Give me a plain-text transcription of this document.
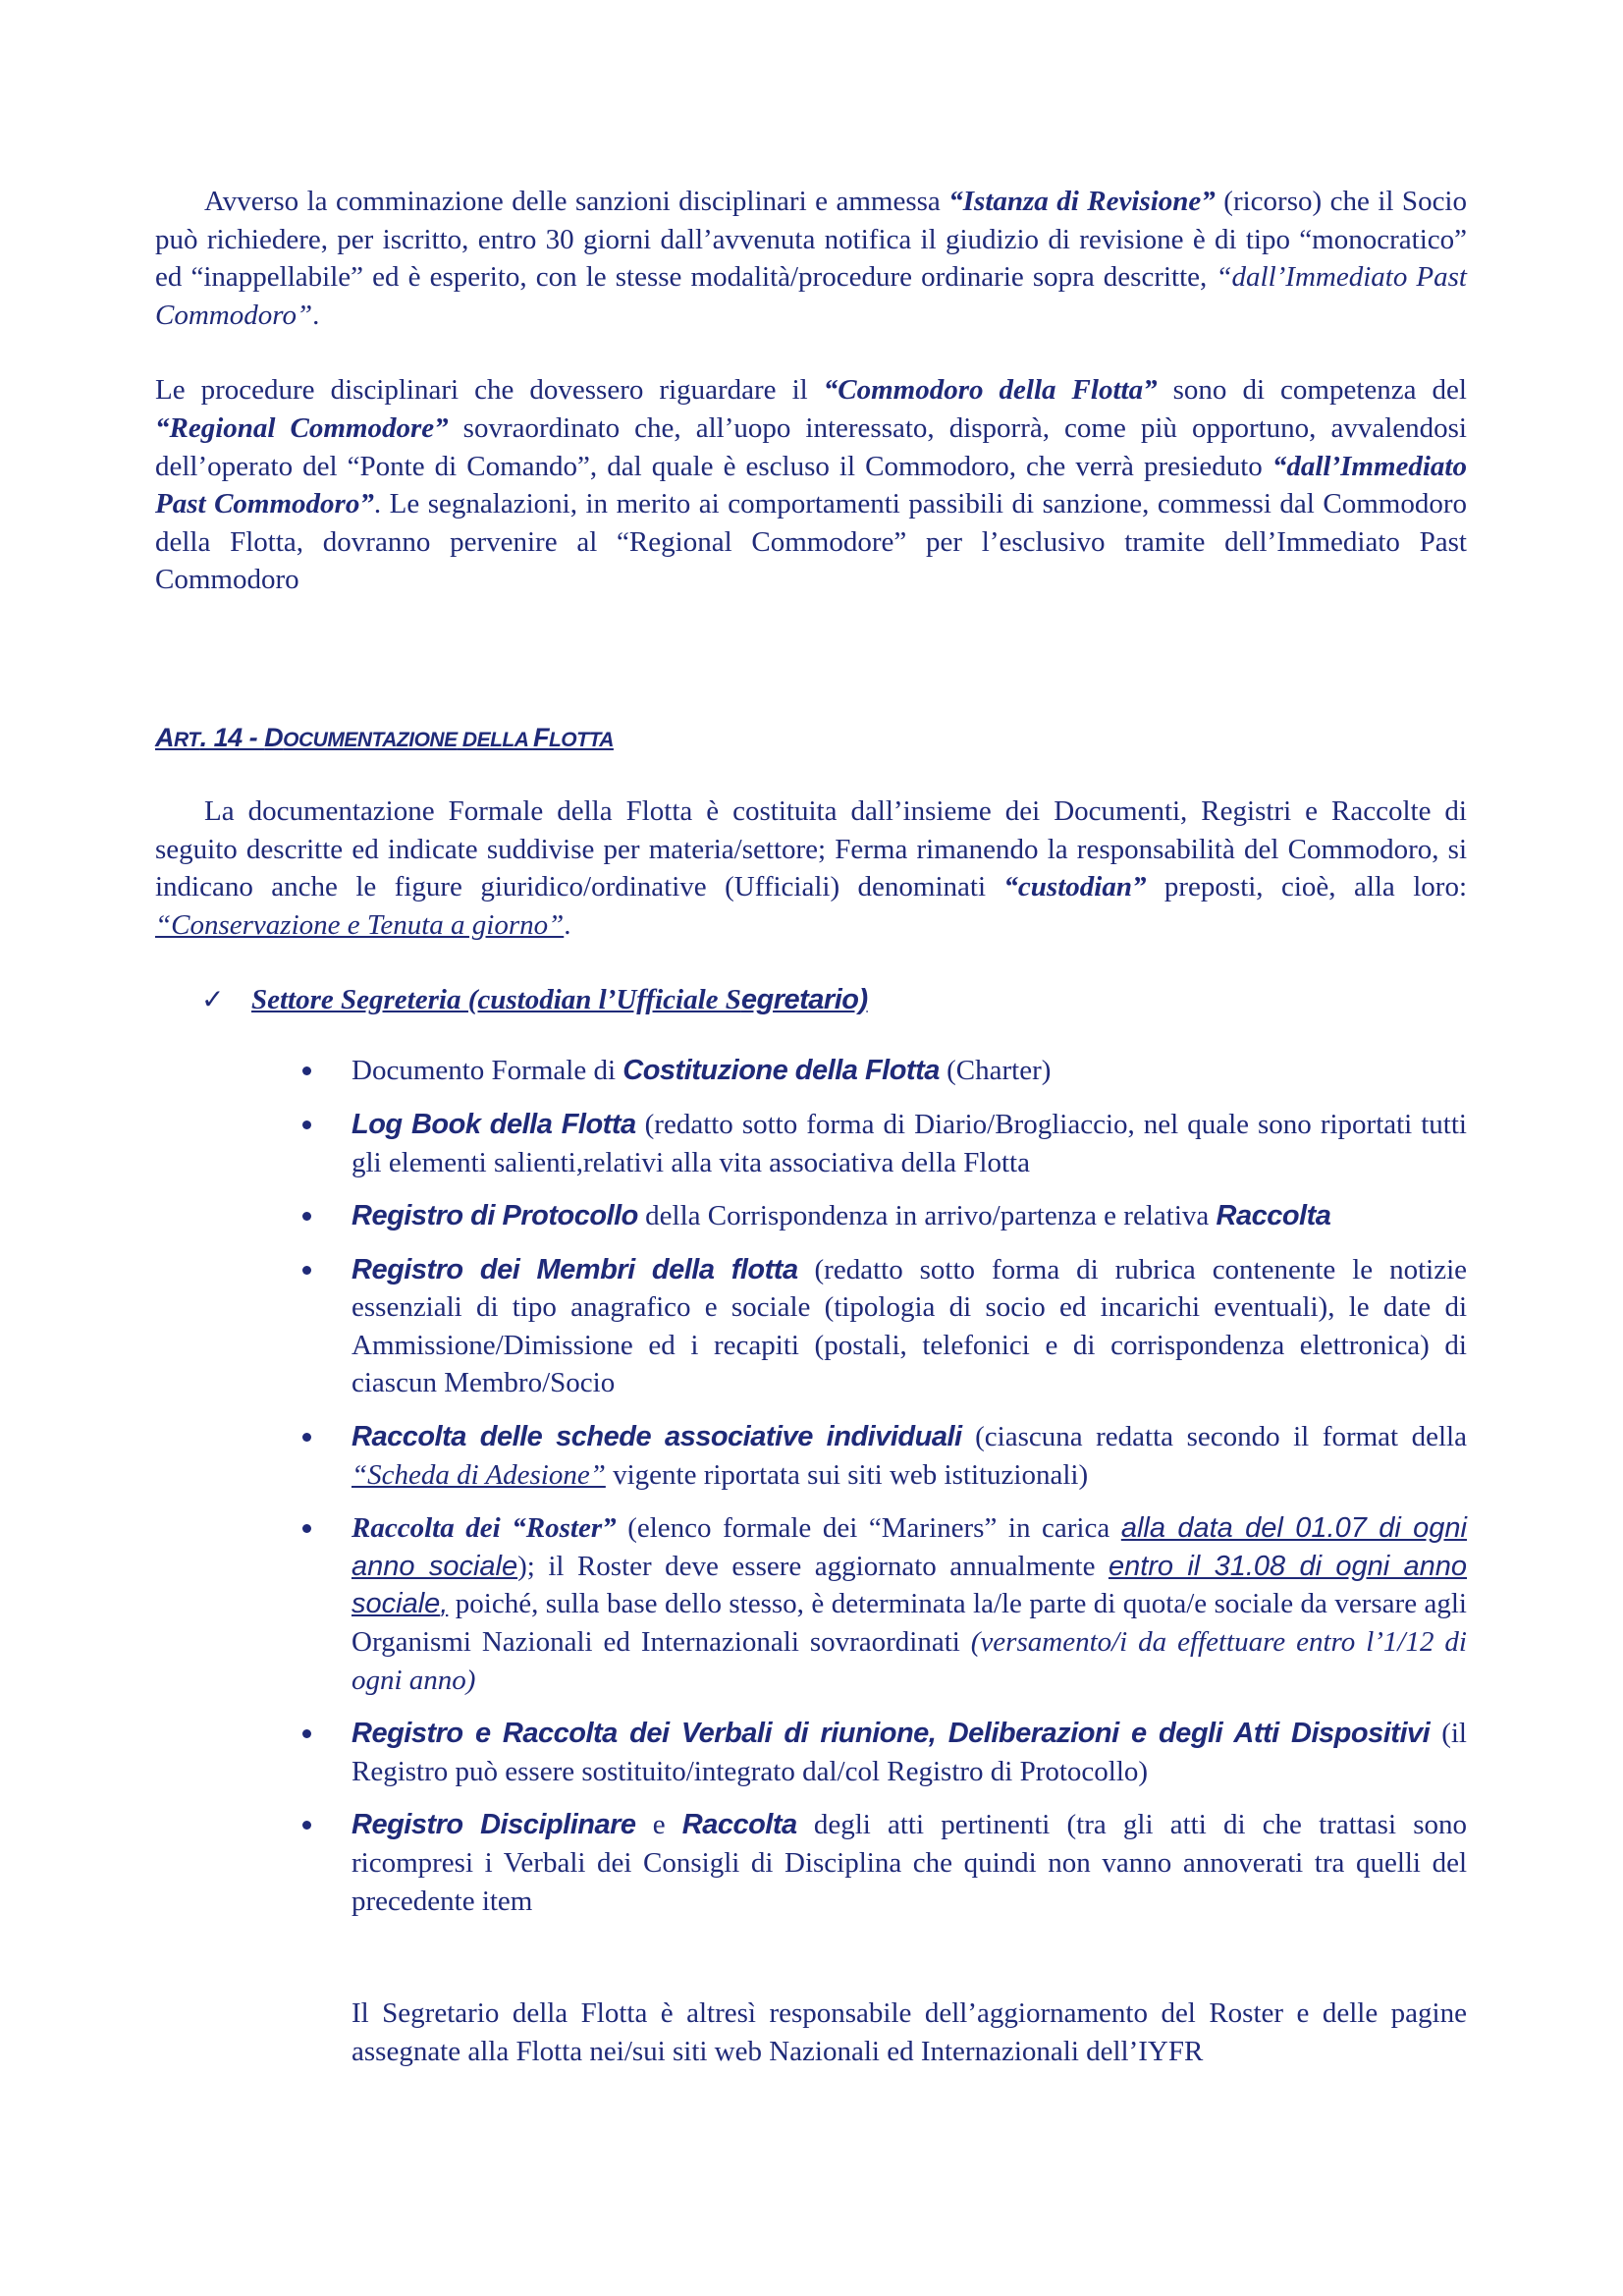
Avverso la comminazione delle sanzioni disciplinari e ammessa “Istanza di Revisione” (ricorso) che il Socio può richiedere, per iscritto, entro 30 giorni dall’avvenuta notifica il giudizio di revisione è di tipo “monocratico” ed “inappellabile” ed è esperito, con le stesse modalità/procedure ordinarie sopra descritte, “dall’Immediato Past Commodoro”.

Le procedure disciplinari che dovessero riguardare il “Commodoro della Flotta” sono di competenza del “Regional Commodore” sovraordinato che, all’uopo interessato, disporrà, come più opportuno, avvalendosi dell’operato del “Ponte di Comando”, dal quale è escluso il Commodoro, che verrà presieduto “dall’Immediato Past Commodoro”. Le segnalazioni, in merito ai comportamenti passibili di sanzione, commessi dal Commodoro della Flotta, dovranno pervenire al “Regional Commodore” per l’esclusivo tramite dell’Immediato Past Commodoro

ART. 14 - DOCUMENTAZIONE DELLA FLOTTA

La documentazione Formale della Flotta è costituita dall’insieme dei Documenti, Registri e Raccolte di seguito descritte ed indicate suddivise per materia/settore; Ferma rimanendo la responsabilità del Commodoro, si indicano anche le figure giuridico/ordinative (Ufficiali) denominati “custodian” preposti, cioè, alla loro: “Conservazione e Tenuta a giorno”.

✓ Settore Segreteria (custodian l’Ufficiale Segretario)

Documento Formale di Costituzione della Flotta (Charter)
Log Book della Flotta (redatto sotto forma di Diario/Brogliaccio, nel quale sono riportati tutti gli elementi salienti,relativi alla vita associativa della Flotta
Registro di Protocollo della Corrispondenza in arrivo/partenza e relativa Raccolta
Registro dei Membri della flotta (redatto sotto forma di rubrica contenente le notizie essenziali di tipo anagrafico e sociale (tipologia di socio ed incarichi eventuali), le date di Ammissione/Dimissione ed i recapiti (postali, telefonici e di corrispondenza elettronica) di ciascun Membro/Socio
Raccolta delle schede associative individuali (ciascuna redatta secondo il format della “Scheda di Adesione” vigente riportata sui siti web istituzionali)
Raccolta dei “Roster” (elenco formale dei “Mariners” in carica alla data del 01.07 di ogni anno sociale); il Roster deve essere aggiornato annualmente entro il 31.08 di ogni anno sociale, poiché, sulla base dello stesso, è determinata la/le parte di quota/e sociale da versare agli Organismi Nazionali ed Internazionali sovraordinati (versamento/i da effettuare entro l’1/12 di ogni anno)
Registro e Raccolta dei Verbali di riunione, Deliberazioni e degli Atti Dispositivi (il Registro può essere sostituito/integrato dal/col Registro di Protocollo)
Registro Disciplinare e Raccolta degli atti pertinenti (tra gli atti di che trattasi sono ricompresi i Verbali dei Consigli di Disciplina che quindi non vanno annoverati tra quelli del precedente item

Il Segretario della Flotta è altresì responsabile dell’aggiornamento del Roster e delle pagine assegnate alla Flotta nei/sui siti web Nazionali ed Internazionali dell’IYFR
